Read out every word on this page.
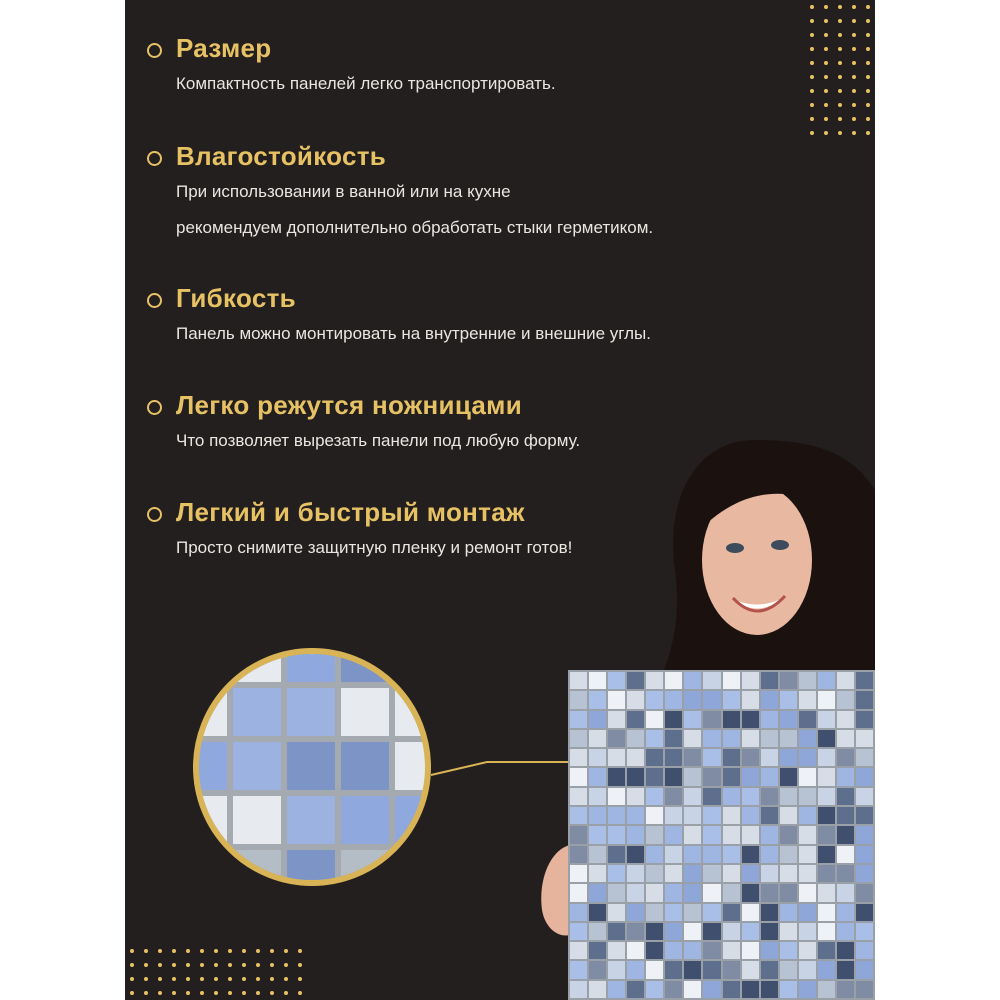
Размер

Компактность панелей легко транспортировать.

Влагостойкость

При использовании в ванной или на кухне

рекомендуем дополнительно обработать стыки герметиком.

Гибкость

Панель можно монтировать на внутренние и внешние углы.

Легко режутся ножницами

Что позволяет вырезать панели под любую форму.

Легкий и быстрый монтаж

Просто снимите защитную пленку и ремонт готов!
